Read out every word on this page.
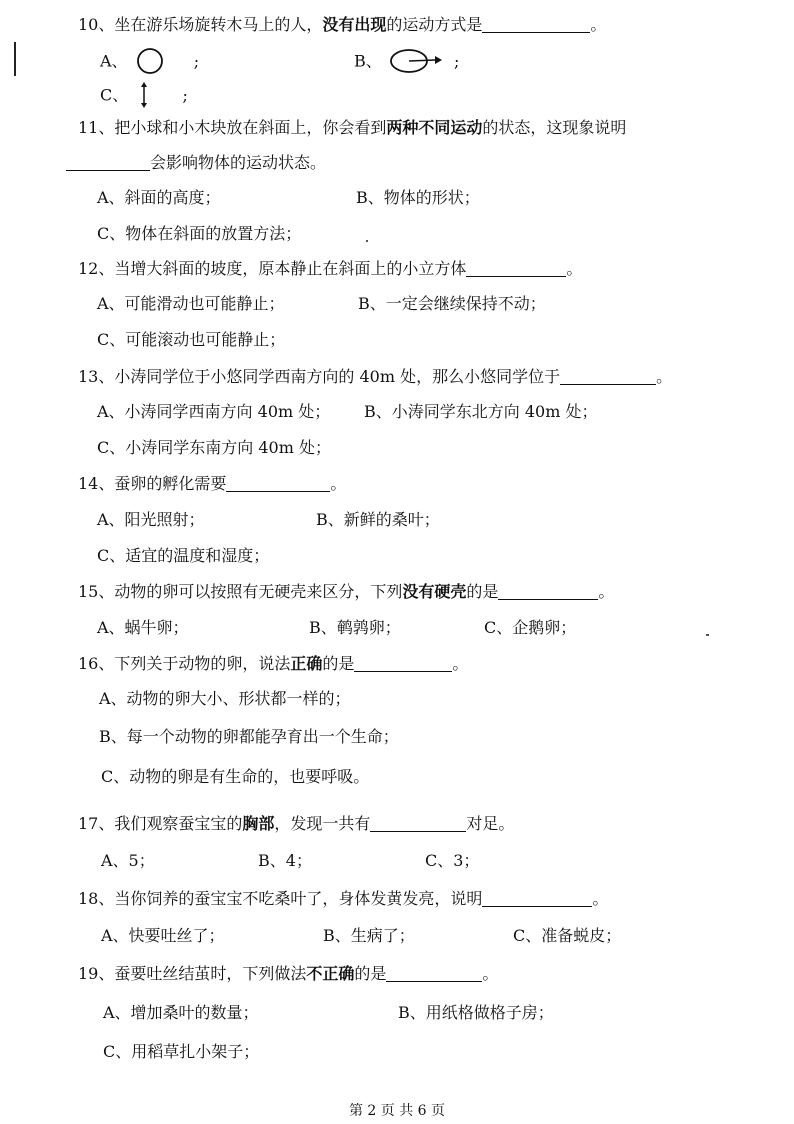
10、坐在游乐场旋转木马上的人，没有出现的运动方式是	。
A、	;	B、	;
C、	;
11、把小球和小木块放在斜面上，你会看到两种不同运动的状态，这现象说明
会影响物体的运动状态。
A、斜面的高度；	B、物体的形状；
C、物体在斜面的放置方法；
12、当增大斜面的坡度，原本静止在斜面上的小立方体	。
A、可能滑动也可能静止；	B、一定会继续保持不动；
C、可能滚动也可能静止；
13、小涛同学位于小悠同学西南方向的 40m 处，那么小悠同学位于	。
A、小涛同学西南方向 40m 处； B、小涛同学东北方向 40m 处；
C、小涛同学东南方向 40m 处；
14、蚕卵的孵化需要	。
A、阳光照射；	B、新鲜的桑叶；
C、适宜的温度和湿度；
15、动物的卵可以按照有无硬壳来区分，下列没有硬壳的是	。
A、蜗牛卵；	B、鹌鹑卵；	C、企鹅卵；
16、下列关于动物的卵，说法正确的是	。
A、动物的卵大小、形状都一样的；
B、每一个动物的卵都能孕育出一个生命；
C、动物的卵是有生命的，也要呼吸。
17、我们观察蚕宝宝的胸部，发现一共有	对足。
A、5；	B、4；	C、3；
18、当你饲养的蚕宝宝不吃桑叶了，身体发黄发亮，说明	。
A、快要吐丝了；	B、生病了；	C、准备蜕皮；
19、蚕要吐丝结茧时，下列做法不正确的是	。
A、增加桑叶的数量；	B、用纸格做格子房；
C、用稻草扎小架子；
第 2 页 共 6 页
